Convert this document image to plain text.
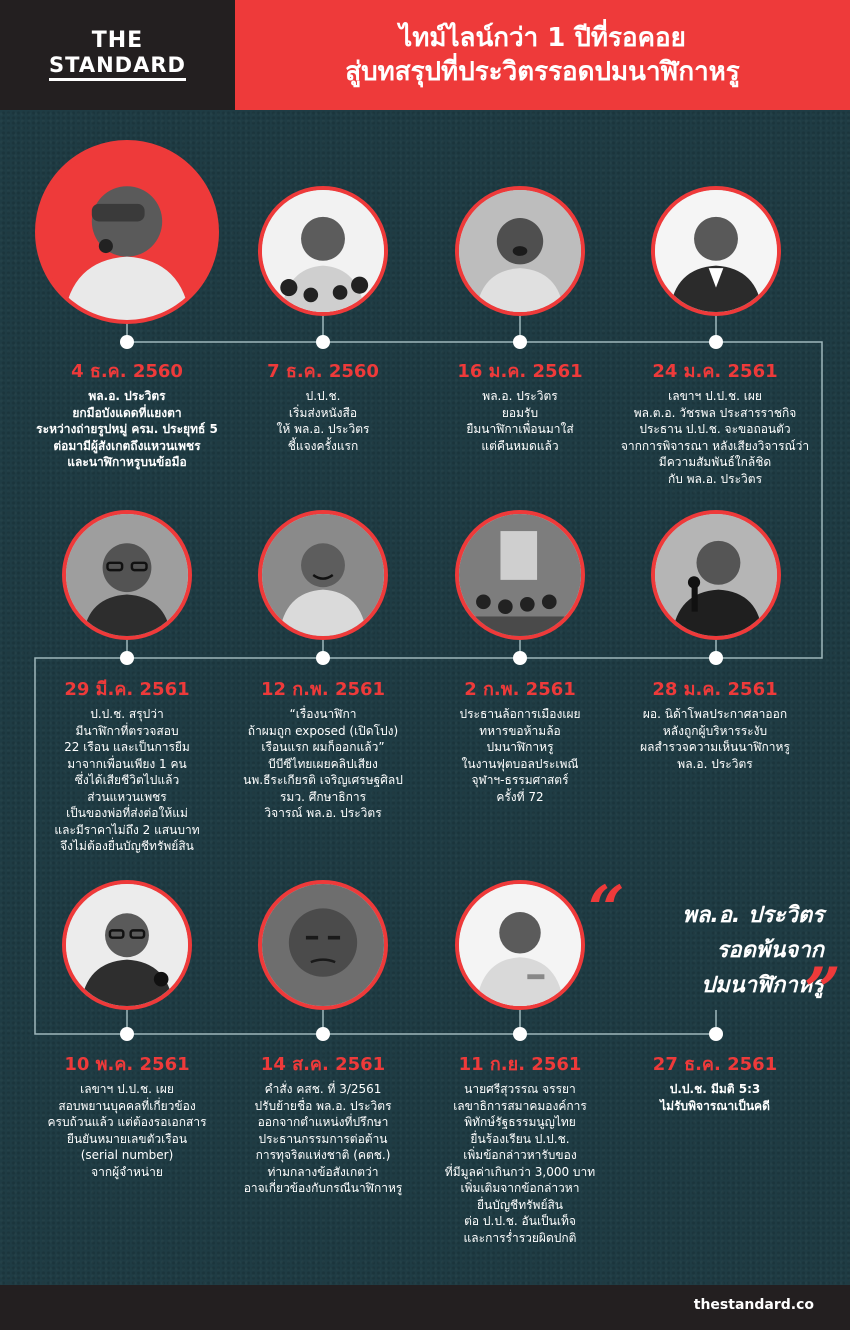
THE
STANDARD
ไทม์ไลน์กว่า 1 ปีที่รอคอย
สู่บทสรุปที่ประวิตรรอดปมนาฬิกาหรู
4 ธ.ค. 2560
พล.อ. ประวิตร
ยกมือบังแดดที่แยงตา
ระหว่างถ่ายรูปหมู่ ครม. ประยุทธ์ 5
ต่อมามีผู้สังเกตถึงแหวนเพชร
และนาฬิกาหรูบนข้อมือ
7 ธ.ค. 2560
ป.ป.ช.
เริ่มส่งหนังสือ
ให้ พล.อ. ประวิตร
ชี้แจงครั้งแรก
16 ม.ค. 2561
พล.อ. ประวิตร
ยอมรับ
ยืมนาฬิกาเพื่อนมาใส่
แต่คืนหมดแล้ว
24 ม.ค. 2561
เลขาฯ ป.ป.ช. เผย
พล.ต.อ. วัชรพล ประสารราชกิจ
ประธาน ป.ป.ช. จะขอถอนตัว
จากการพิจารณา หลังเสียงวิจารณ์ว่า
มีความสัมพันธ์ใกล้ชิด
กับ พล.อ. ประวิตร
28 ม.ค. 2561
ผอ. นิด้าโพลประกาศลาออก
หลังถูกผู้บริหารระงับ
ผลสำรวจความเห็นนาฬิกาหรู
พล.อ. ประวิตร
2 ก.พ. 2561
ประธานล้อการเมืองเผย
ทหารขอห้ามล้อ
ปมนาฬิกาหรู
ในงานฟุตบอลประเพณี
จุฬาฯ-ธรรมศาสตร์
ครั้งที่ 72
12 ก.พ. 2561
“เรื่องนาฬิกา
ถ้าผมถูก exposed (เปิดโปง)
เรือนแรก ผมก็ออกแล้ว”
บีบีซีไทยเผยคลิปเสียง
นพ.ธีระเกียรติ เจริญเศรษฐศิลป
รมว. ศึกษาธิการ
วิจารณ์ พล.อ. ประวิตร
29 มี.ค. 2561
ป.ป.ช. สรุปว่า
มีนาฬิกาที่ตรวจสอบ
22 เรือน และเป็นการยืม
มาจากเพื่อนเพียง 1 คน
ซึ่งได้เสียชีวิตไปแล้ว
ส่วนแหวนเพชร
เป็นของพ่อที่ส่งต่อให้แม่
และมีราคาไม่ถึง 2 แสนบาท
จึงไม่ต้องยื่นบัญชีทรัพย์สิน
10 พ.ค. 2561
เลขาฯ ป.ป.ช. เผย
สอบพยานบุคคลที่เกี่ยวข้อง
ครบถ้วนแล้ว แต่ต้องรอเอกสาร
ยืนยันหมายเลขตัวเรือน
(serial number)
จากผู้จำหน่าย
14 ส.ค. 2561
คำสั่ง คสช. ที่ 3/2561
ปรับย้ายชื่อ พล.อ. ประวิตร
ออกจากตำแหน่งที่ปรึกษา
ประธานกรรมการต่อต้าน
การทุจริตแห่งชาติ (คตช.)
ท่ามกลางข้อสังเกตว่า
อาจเกี่ยวข้องกับกรณีนาฬิกาหรู
11 ก.ย. 2561
นายศรีสุวรรณ จรรยา
เลขาธิการสมาคมองค์การ
พิทักษ์รัฐธรรมนูญไทย
ยื่นร้องเรียน ป.ป.ช.
เพิ่มข้อกล่าวหารับของ
ที่มีมูลค่าเกินกว่า 3,000 บาท
เพิ่มเติมจากข้อกล่าวหา
ยื่นบัญชีทรัพย์สิน
ต่อ ป.ป.ช. อันเป็นเท็จ
และการร่ำรวยผิดปกติ
27 ธ.ค. 2561
ป.ป.ช. มีมติ 5:3
ไม่รับพิจารณาเป็นคดี
“	พล.อ. ประวิตร
รอดพ้นจาก
ปมนาฬิกาหรู
”
thestandard.co
